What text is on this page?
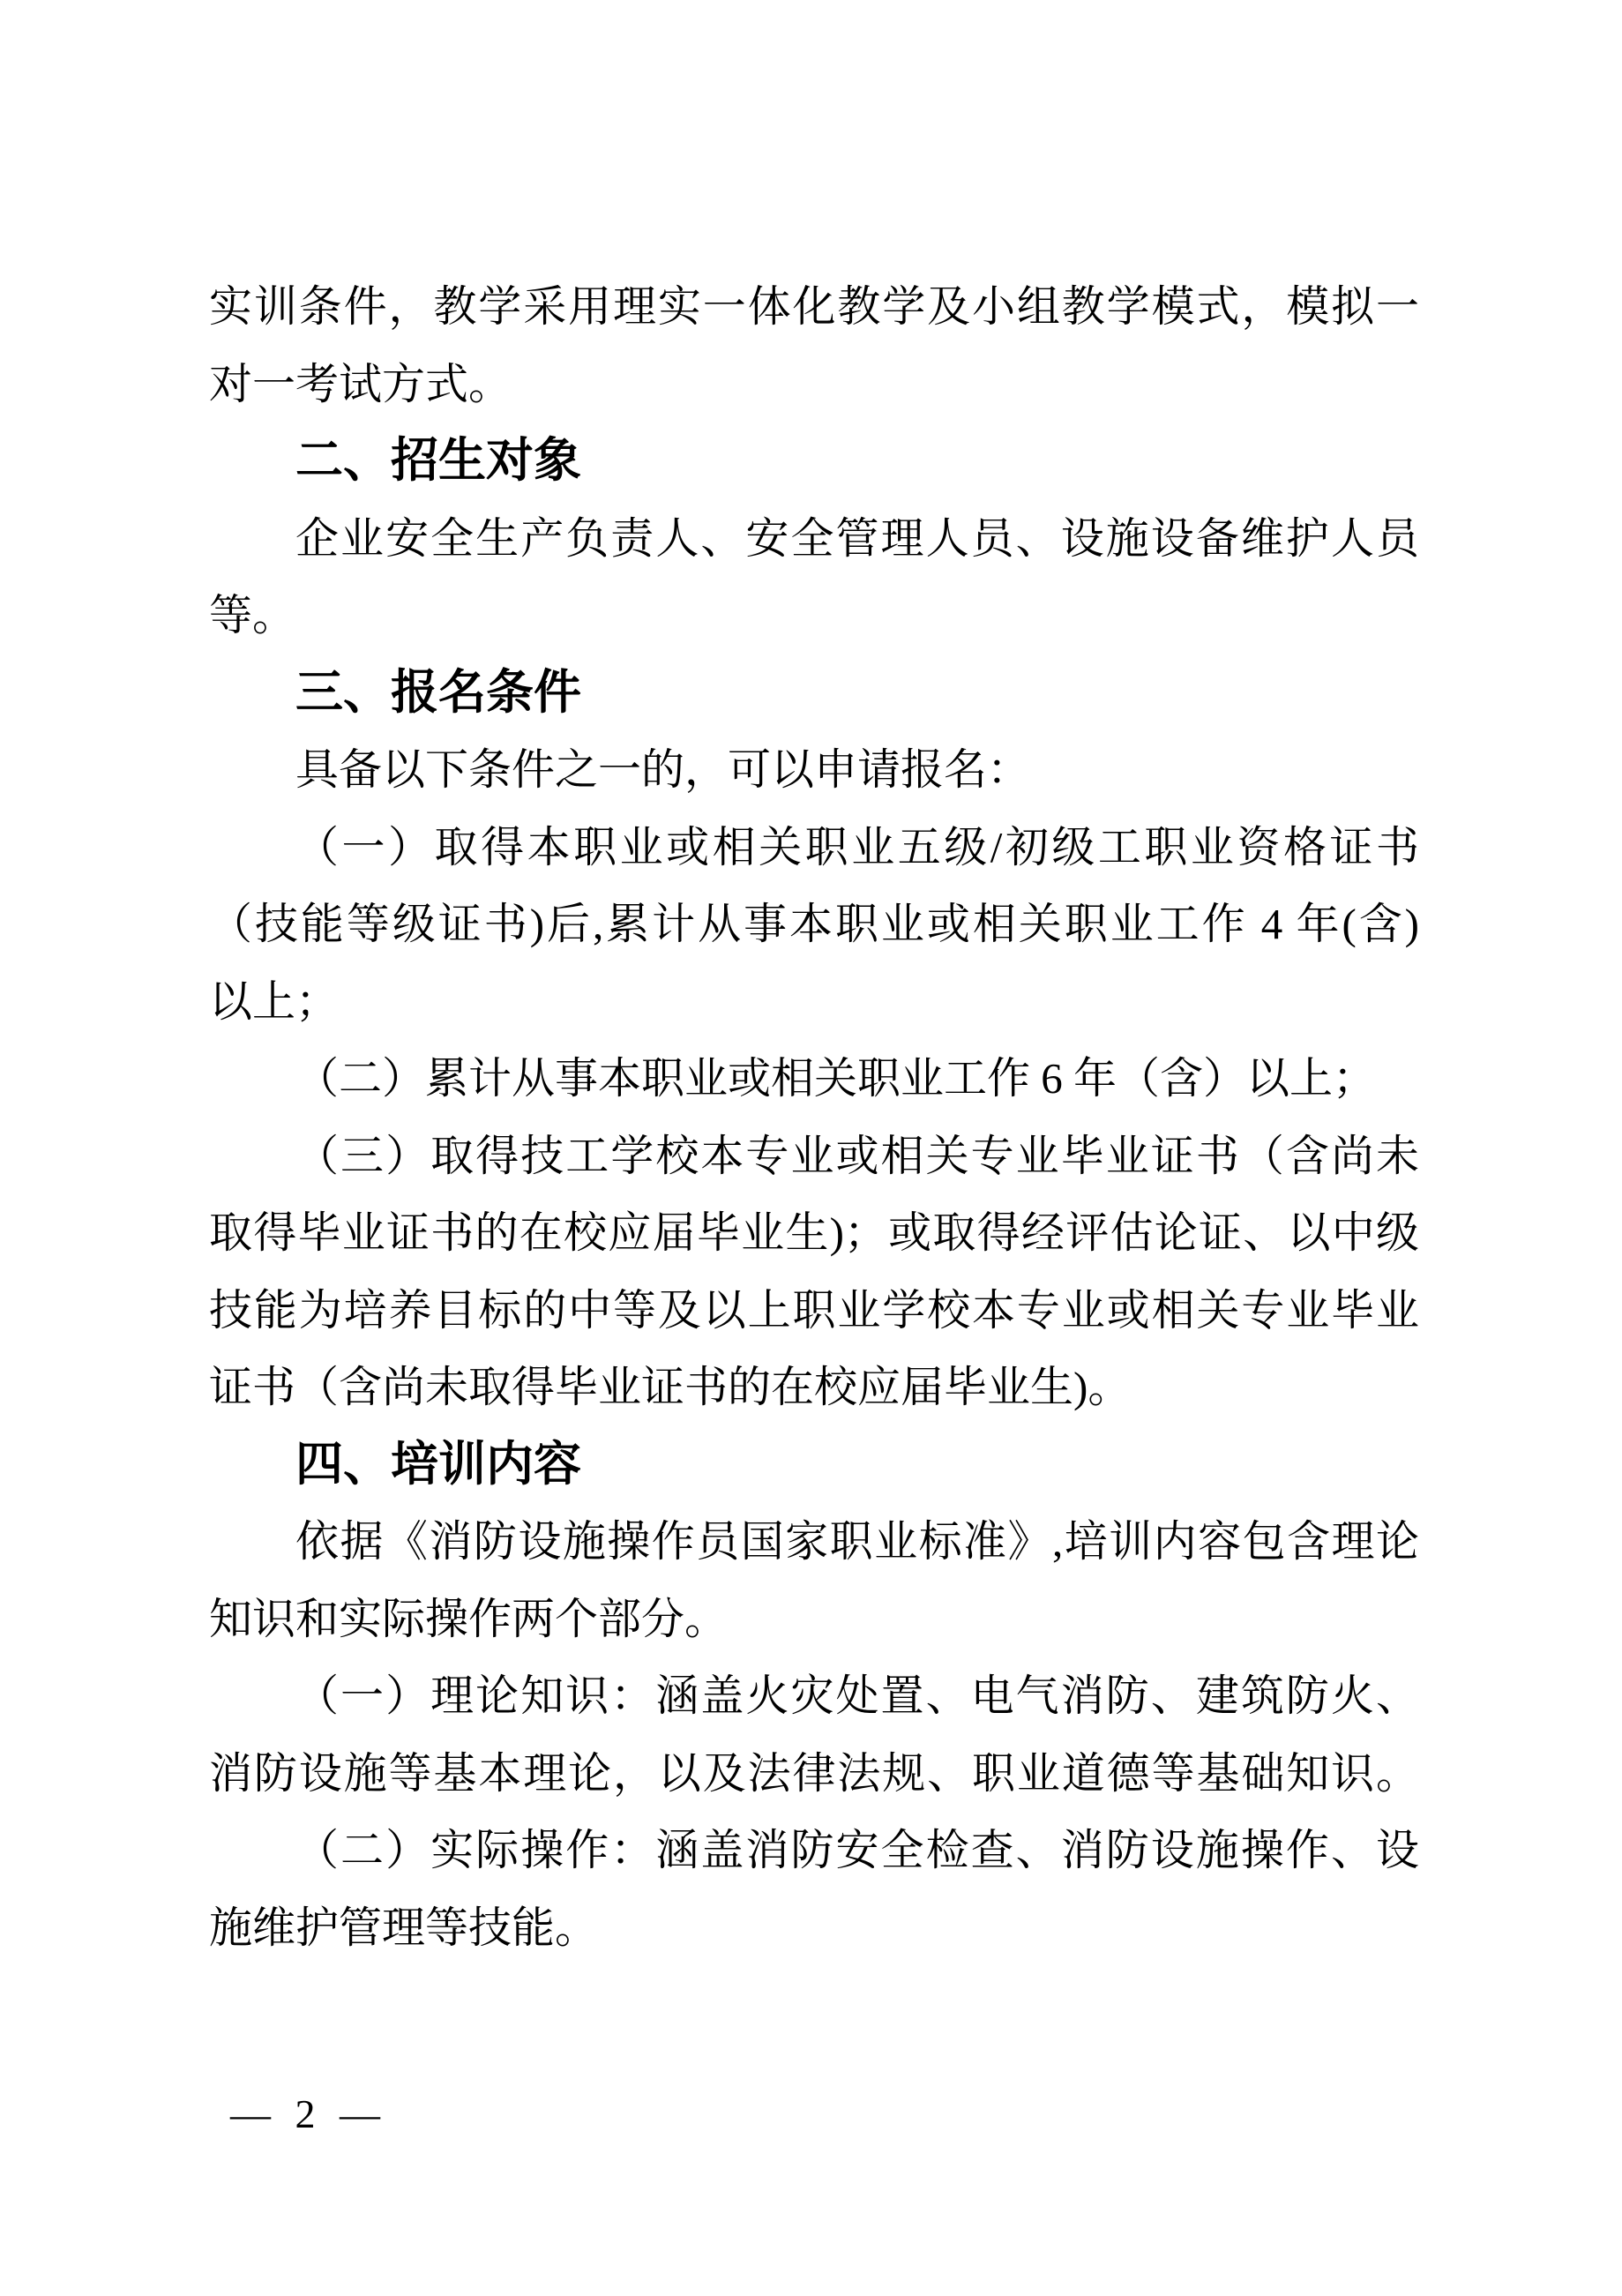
实训条件，教学采用理实一体化教学及小组教学模式，模拟一
对一考试方式。
二、招生对象
企业安全生产负责人、安全管理人员、设施设备维护人员
等。
三、报名条件
具备以下条件之一的，可以申请报名：
（一）取得本职业或相关职业五级/初级工职业资格证书
（技能等级证书)后,累计从事本职业或相关职业工作 4 年(含)
以上；
（二）累计从事本职业或相关职业工作 6 年（含）以上；
（三）取得技工学校本专业或相关专业毕业证书（含尚未
取得毕业证书的在校应届毕业生)；或取得经评估论证、以中级
技能为培养目标的中等及以上职业学校本专业或相关专业毕业
证书（含尚未取得毕业证书的在校应届毕业生)。
四、培训内容
依据《消防设施操作员国家职业标准》,培训内容包含理论
知识和实际操作两个部分。
（一）理论知识：涵盖火灾处置、电气消防、建筑防火、
消防设施等基本理论，以及法律法规、职业道德等基础知识。
（二）实际操作：涵盖消防安全检查、消防设施操作、设
施维护管理等技能。
— 2 —
